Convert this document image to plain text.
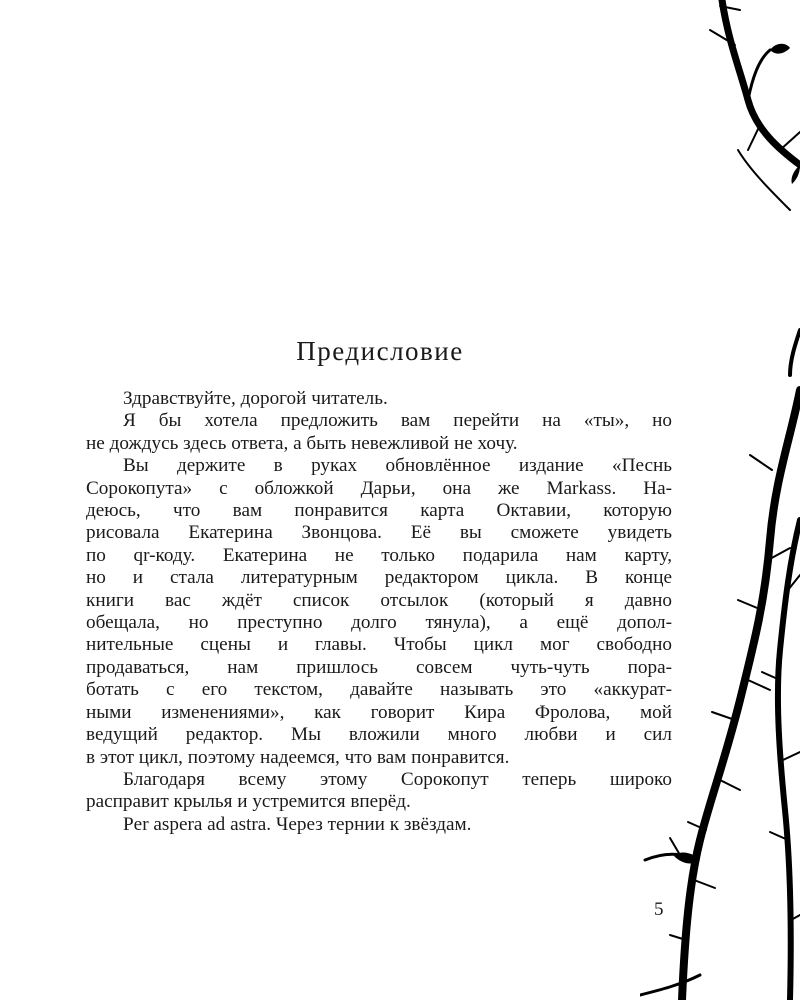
Предисловие
Здравствуйте, дорогой читатель.
Я бы хотела предложить вам перейти на «ты», но
не дождусь здесь ответа, а быть невежливой не хочу.
Вы держите в руках обновлённое издание «Песнь
Сорокопута» с обложкой Дарьи, она же Markass. На-
деюсь, что вам понравится карта Октавии, которую
рисовала Екатерина Звонцова. Её вы сможете увидеть
по qr-коду. Екатерина не только подарила нам карту,
но и стала литературным редактором цикла. В конце
книги вас ждёт список отсылок (который я давно
обещала, но преступно долго тянула), а ещё допол-
нительные сцены и главы. Чтобы цикл мог свободно
продаваться, нам пришлось совсем чуть-чуть пора-
ботать с его текстом, давайте называть это «аккурат-
ными изменениями», как говорит Кира Фролова, мой
ведущий редактор. Мы вложили много любви и сил
в этот цикл, поэтому надеемся, что вам понравится.
Благодаря всему этому Сорокопут теперь широко
расправит крылья и устремится вперёд.
Per aspera ad astra. Через тернии к звёздам.
5
